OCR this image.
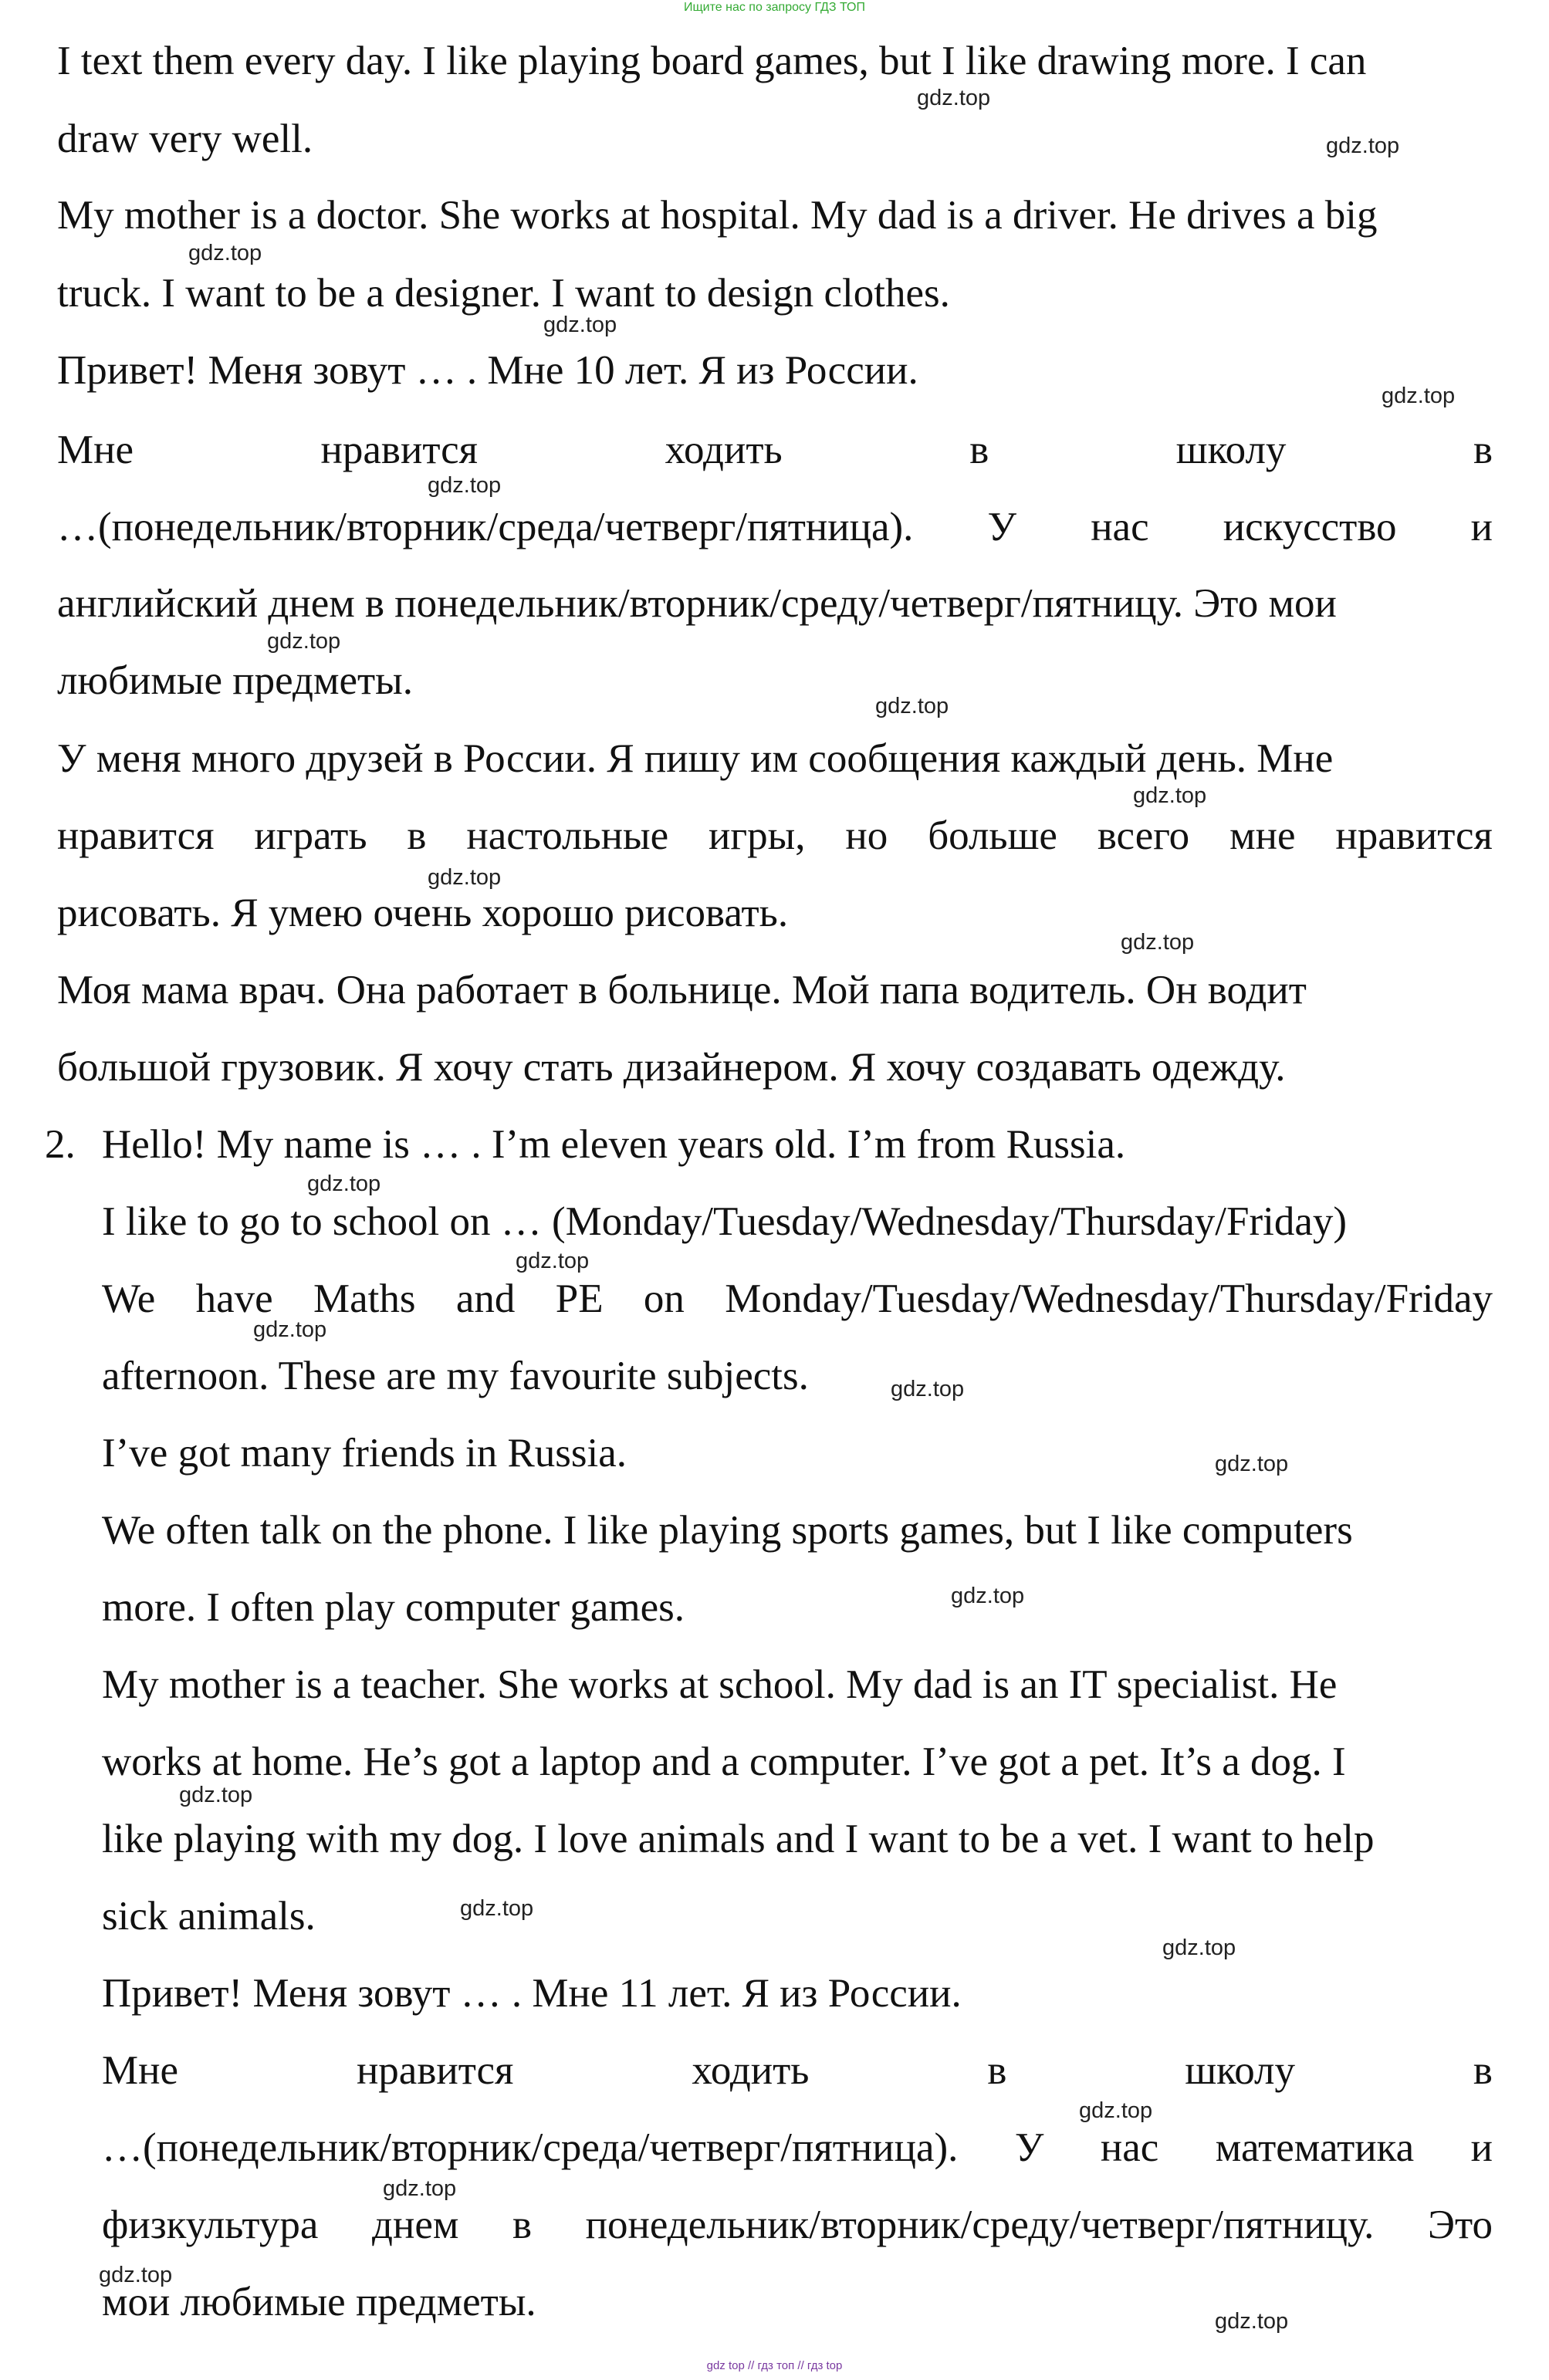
Ищите нас по запросу ГДЗ ТОП
I text them every day. I like playing board games, but I like drawing more. I can
draw very well.
My mother is a doctor. She works at hospital. My dad is a driver. He drives a big
truck. I want to be a designer. I want to design clothes.
Привет! Меня зовут … . Мне 10 лет. Я из России.
Мне	нравится	ходить	в	школу	в
…(понедельник/вторник/среда/четверг/пятница). У нас искусство и
английский днем в понедельник/вторник/среду/четверг/пятницу. Это мои
любимые предметы.
У меня много друзей в России. Я пишу им сообщения каждый день. Мне
нравится играть в настольные игры, но больше всего мне нравится
рисовать. Я умею очень хорошо рисовать.
Моя мама врач. Она работает в больнице. Мой папа водитель. Он водит
большой грузовик. Я хочу стать дизайнером. Я хочу создавать одежду.
2. Hello! My name is … . I’m eleven years old. I’m from Russia.
I like to go to school on … (Monday/Tuesday/Wednesday/Thursday/Friday)
We have Maths and PE on Monday/Tuesday/Wednesday/Thursday/Friday
afternoon. These are my favourite subjects.
I’ve got many friends in Russia.
We often talk on the phone. I like playing sports games, but I like computers
more. I often play computer games.
My mother is a teacher. She works at school. My dad is an IT specialist. He
works at home. He’s got a laptop and a computer. I’ve got a pet. It’s a dog. I
like playing with my dog. I love animals and I want to be a vet. I want to help
sick animals.
Привет! Меня зовут … . Мне 11 лет. Я из России.
Мне	нравится	ходить	в	школу	в
…(понедельник/вторник/среда/четверг/пятница). У нас математика и
физкультура днем в понедельник/вторник/среду/четверг/пятницу. Это
мои любимые предметы.
gdz.top
gdz.top
gdz.top
gdz.top
gdz.top
gdz.top
gdz.top
gdz.top
gdz.top
gdz.top
gdz.top
gdz.top
gdz.top
gdz.top
gdz.top
gdz.top
gdz.top
gdz.top
gdz.top
gdz.top
gdz.top
gdz.top
gdz.top
gdz.top
gdz top // гдз топ // гдз top
